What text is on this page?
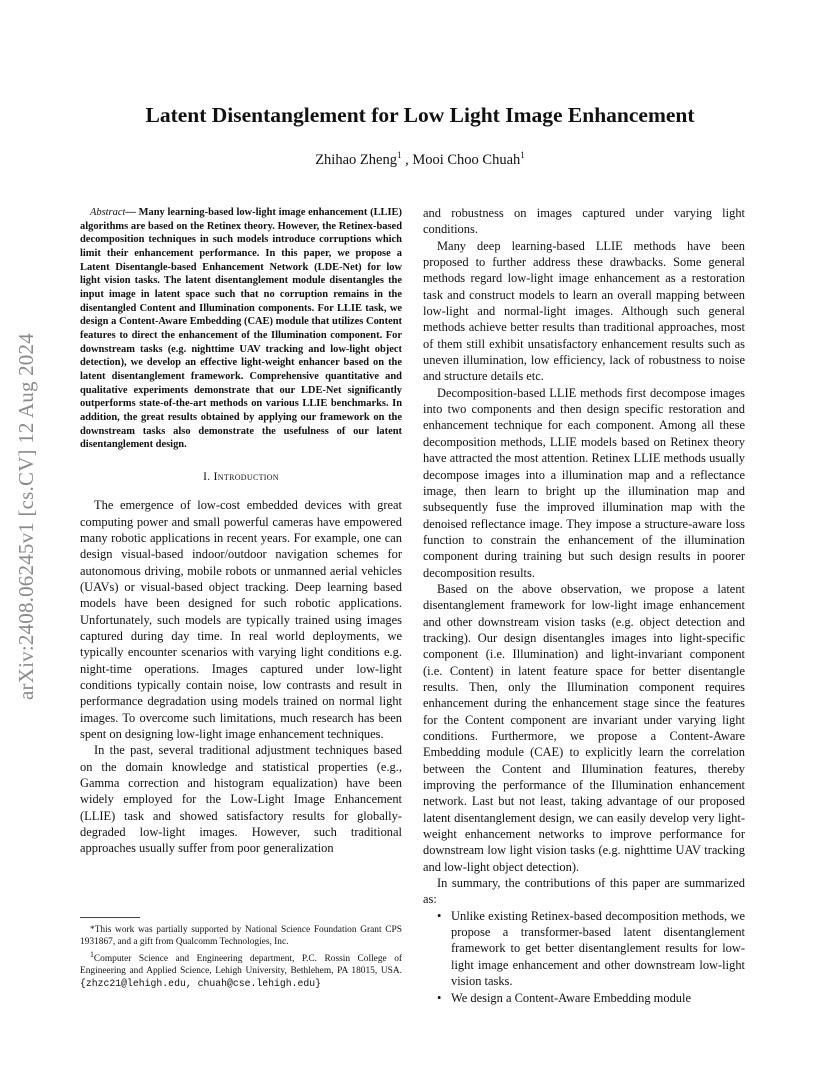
arXiv:2408.06245v1 [cs.CV] 12 Aug 2024
Latent Disentanglement for Low Light Image Enhancement
Zhihao Zheng$^1$ , Mooi Choo Chuah$^1$

Abstract— Many learning-based low-light image enhancement (LLIE) algorithms are based on the Retinex theory. However, the Retinex-based decomposition techniques in such models introduce corruptions which limit their enhancement performance. In this paper, we propose a Latent Disentangle-based Enhancement Network (LDE-Net) for low light vision tasks. The latent disentanglement module disentangles the input image in latent space such that no corruption remains in the disentangled Content and Illumination components. For LLIE task, we design a Content-Aware Embedding (CAE) module that utilizes Content features to direct the enhancement of the Illumination component. For downstream tasks (e.g. nighttime UAV tracking and low-light object detection), we develop an effective light-weight enhancer based on the latent disentanglement framework. Comprehensive quantitative and qualitative experiments demonstrate that our LDE-Net significantly outperforms state-of-the-art methods on various LLIE benchmarks. In addition, the great results obtained by applying our framework on the downstream tasks also demonstrate the usefulness of our latent disentanglement design.

I. Introduction

The emergence of low-cost embedded devices with great computing power and small powerful cameras have empowered many robotic applications in recent years. For example, one can design visual-based indoor/outdoor navigation schemes for autonomous driving, mobile robots or unmanned aerial vehicles (UAVs) or visual-based object tracking. Deep learning based models have been designed for such robotic applications. Unfortunately, such models are typically trained using images captured during day time. In real world deployments, we typically encounter scenarios with varying light conditions e.g. night-time operations. Images captured under low-light conditions typically contain noise, low contrasts and result in performance degradation using models trained on normal light images. To overcome such limitations, much research has been spent on designing low-light image enhancement techniques.

In the past, several traditional adjustment techniques based on the domain knowledge and statistical properties (e.g., Gamma correction and histogram equalization) have been widely employed for the Low-Light Image Enhancement (LLIE) task and showed satisfactory results for globally-degraded low-light images. However, such traditional approaches usually suffer from poor generalization

and robustness on images captured under varying light conditions.

Many deep learning-based LLIE methods have been proposed to further address these drawbacks. Some general methods regard low-light image enhancement as a restoration task and construct models to learn an overall mapping between low-light and normal-light images. Although such general methods achieve better results than traditional approaches, most of them still exhibit unsatisfactory enhancement results such as uneven illumination, low efficiency, lack of robustness to noise and structure details etc.

Decomposition-based LLIE methods first decompose images into two components and then design specific restoration and enhancement technique for each component. Among all these decomposition methods, LLIE models based on Retinex theory have attracted the most attention. Retinex LLIE methods usually decompose images into a illumination map and a reflectance image, then learn to bright up the illumination map and subsequently fuse the improved illumination map with the denoised reflectance image. They impose a structure-aware loss function to constrain the enhancement of the illumination component during training but such design results in poorer decomposition results.

Based on the above observation, we propose a latent disentanglement framework for low-light image enhancement and other downstream vision tasks (e.g. object detection and tracking). Our design disentangles images into light-specific component (i.e. Illumination) and light-invariant component (i.e. Content) in latent feature space for better disentangle results. Then, only the Illumination component requires enhancement during the enhancement stage since the features for the Content component are invariant under varying light conditions. Furthermore, we propose a Content-Aware Embedding module (CAE) to explicitly learn the correlation between the Content and Illumination features, thereby improving the performance of the Illumination enhancement network. Last but not least, taking advantage of our proposed latent disentanglement design, we can easily develop very light-weight enhancement networks to improve performance for downstream low light vision tasks (e.g. nighttime UAV tracking and low-light object detection).

In summary, the contributions of this paper are summarized as:

• Unlike existing Retinex-based decomposition methods, we propose a transformer-based latent disentanglement framework to get better disentanglement results for low-light image enhancement and other downstream low-light vision tasks.
• We design a Content-Aware Embedding module

*This work was partially supported by National Science Foundation Grant CPS 1931867, and a gift from Qualcomm Technologies, Inc.

$^1$Computer Science and Engineering department, P.C. Rossin College of Engineering and Applied Science, Lehigh University, Bethlehem, PA 18015, USA. {zhzc21@lehigh.edu, chuah@cse.lehigh.edu}
